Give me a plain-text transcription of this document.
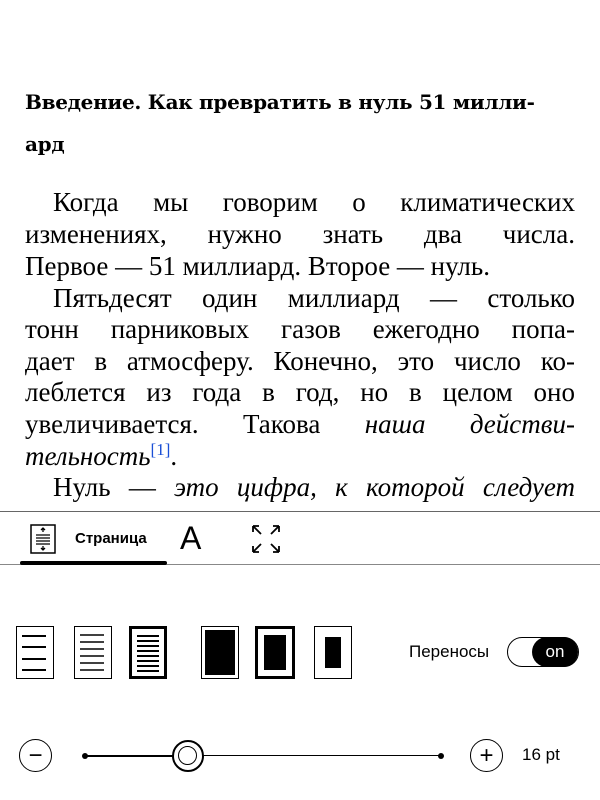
Введение. Как превратить в нуль 51 милли-
ард
Когда мы говорим о климатических
изменениях, нужно знать два числа.
Первое — 51 миллиард. Второе — нуль.
Пятьдесят один миллиард — столько
тонн парниковых газов ежегодно попа-
дает в атмосферу. Конечно, это число ко-
леблется из года в год, но в целом оно
увеличивается. Такова наша действи-
тельность[1].
Нуль — это цифра, к которой следует
Страница A
Переносы	on
−	+	16 pt
